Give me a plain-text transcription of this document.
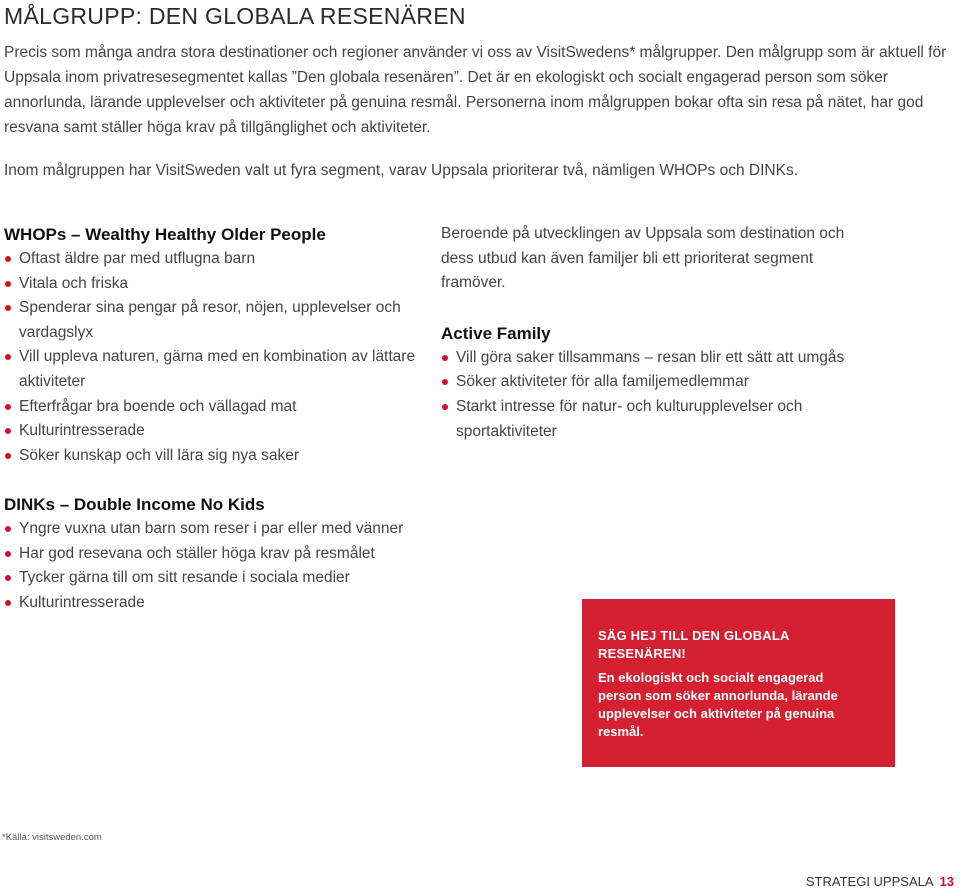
MÅLGRUPP: DEN GLOBALA RESENÄREN

Precis som många andra stora destinationer och regioner använder vi oss av VisitSwedens* målgrupper. Den målgrupp som är aktuell för Uppsala inom privatresesegmentet kallas ”Den globala resenären”. Det är en ekologiskt och socialt engagerad person som söker annorlunda, lärande upplevelser och aktiviteter på genuina resmål. Personerna inom målgruppen bokar ofta sin resa på nätet, har god resvana samt ställer höga krav på tillgänglighet och aktiviteter.

Inom målgruppen har VisitSweden valt ut fyra segment, varav Uppsala prioriterar två, nämligen WHOPs och DINKs.

WHOPs – Wealthy Healthy Older People
Oftast äldre par med utflugna barn
Vitala och friska
Spenderar sina pengar på resor, nöjen, upplevelser och vardagslyx
Vill uppleva naturen, gärna med en kombination av lättare aktiviteter
Efterfrågar bra boende och vällagad mat
Kulturintresserade
Söker kunskap och vill lära sig nya saker

Beroende på utvecklingen av Uppsala som destination och dess utbud kan även familjer bli ett prioriterat segment framöver.

Active Family
Vill göra saker tillsammans – resan blir ett sätt att umgås
Söker aktiviteter för alla familjemedlemmar
Starkt intresse för natur- och kulturupplevelser och sportaktiviteter
DINKs – Double Income No Kids
Yngre vuxna utan barn som reser i par eller med vänner
Har god resevana och ställer höga krav på resmålet
Tycker gärna till om sitt resande i sociala medier
Kulturintresserade
SÄG HEJ TILL DEN GLOBALA RESENÄREN!
En ekologiskt och socialt engagerad person som söker annorlunda, lärande upplevelser och aktiviteter på genuina resmål.
*Källa: visitsweden.com
STRATEGI UPPSALA 13
